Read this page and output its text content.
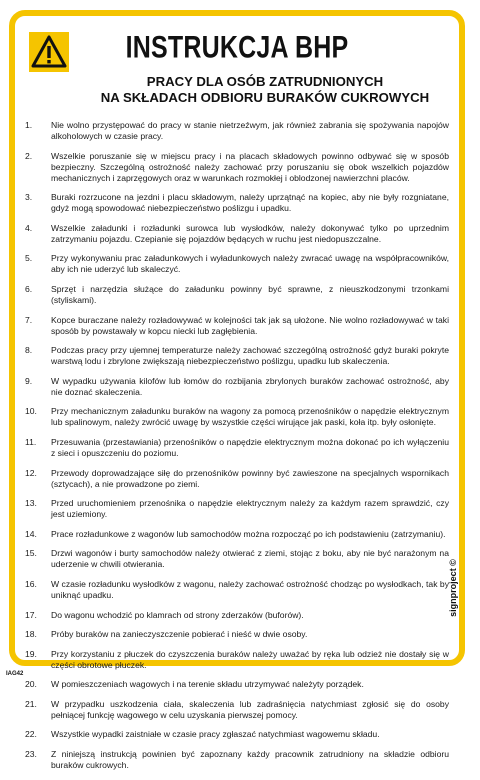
INSTRUKCJA BHP
PRACY DLA OSÓB ZATRUDNIONYCH
NA SKŁADACH ODBIORU BURAKÓW CUKROWYCH
1.	Nie wolno przystępować do pracy w stanie nietrzeźwym, jak również zabrania się spożywania napojów alkoholowych w czasie pracy.
2.	Wszelkie poruszanie się w miejscu pracy i na placach składowych powinno odbywać się w sposób bezpieczny. Szczególną ostrożność należy zachować przy poruszaniu się obok wszelkich pojazdów mechanicznych i zaprzęgowych oraz w warunkach rozmokłej i oblodzonej nawierzchni placów.
3.	Buraki rozrzucone na jezdni i placu składowym, należy uprzątnąć na kopiec, aby nie były rozgniatane, gdyż mogą spowodować niebezpieczeństwo poślizgu i upadku.
4.	Wszelkie załadunki i rozładunki surowca lub wysłodków, należy dokonywać tylko po uprzednim zatrzymaniu pojazdu. Czepianie się pojazdów będących w ruchu jest niedopuszczalne.
5.	Przy wykonywaniu prac załadunkowych i wyładunkowych należy zwracać uwagę na współpracowników, aby ich nie uderzyć lub skaleczyć.
6.	Sprzęt i narzędzia służące do załadunku powinny być sprawne, z nieuszkodzonymi trzonkami (styliskami).
7.	Kopce buraczane należy rozładowywać w kolejności tak jak są ułożone. Nie wolno rozładowywać w taki sposób by powstawały w kopcu niecki lub zagłębienia.
8.	Podczas pracy przy ujemnej temperaturze należy zachować szczególną ostrożność gdyż buraki pokryte warstwą lodu i zbrylone zwiększają niebezpieczeństwo poślizgu, upadku lub skaleczenia.
9.	W wypadku używania kilofów lub łomów do rozbijania zbrylonych buraków zachować ostrożność, aby nie doznać skaleczenia.
10.	Przy mechanicznym załadunku buraków na wagony za pomocą przenośników o napędzie elektrycznym lub spalinowym, należy zwrócić uwagę by wszystkie części wirujące jak paski, koła itp. były osłonięte.
11.	Przesuwania (przestawiania) przenośników o napędzie elektrycznym można dokonać po ich wyłączeniu z sieci i opuszczeniu do poziomu.
12.	Przewody doprowadzające siłę do przenośników powinny być zawieszone na specjalnych wspornikach (sztycach), a nie prowadzone po ziemi.
13.	Przed uruchomieniem przenośnika o napędzie elektrycznym należy za każdym razem sprawdzić, czy jest uziemiony.
14.	Prace rozładunkowe z wagonów lub samochodów można rozpocząć po ich podstawieniu (zatrzymaniu).
15.	Drzwi wagonów i burty samochodów należy otwierać z ziemi, stojąc z boku, aby nie być narażonym na uderzenie w chwili otwierania.
16.	W czasie rozładunku wysłodków z wagonu, należy zachować ostrożność chodząc po wysłodkach, tak by uniknąć upadku.
17.	Do wagonu wchodzić po klamrach od strony zderzaków (buforów).
18.	Próby buraków na zanieczyszczenie pobierać i nieść w dwie osoby.
19.	Przy korzystaniu z płuczek do czyszczenia buraków należy uważać by ręka lub odzież nie dostały się w części obrotowe płuczek.
20.	W pomieszczeniach wagowych i na terenie składu utrzymywać należyty porządek.
21.	W przypadku uszkodzenia ciała, skaleczenia lub zadraśnięcia natychmiast zgłosić się do osoby pełniącej funkcję wagowego w celu uzyskania pierwszej pomocy.
22.	Wszystkie wypadki zaistniałe w czasie pracy zgłaszać natychmiast wagowemu składu.
23.	Z niniejszą instrukcją powinien być zapoznany każdy pracownik zatrudniony na składzie odbioru buraków cukrowych.
signproject ©
IAG42
